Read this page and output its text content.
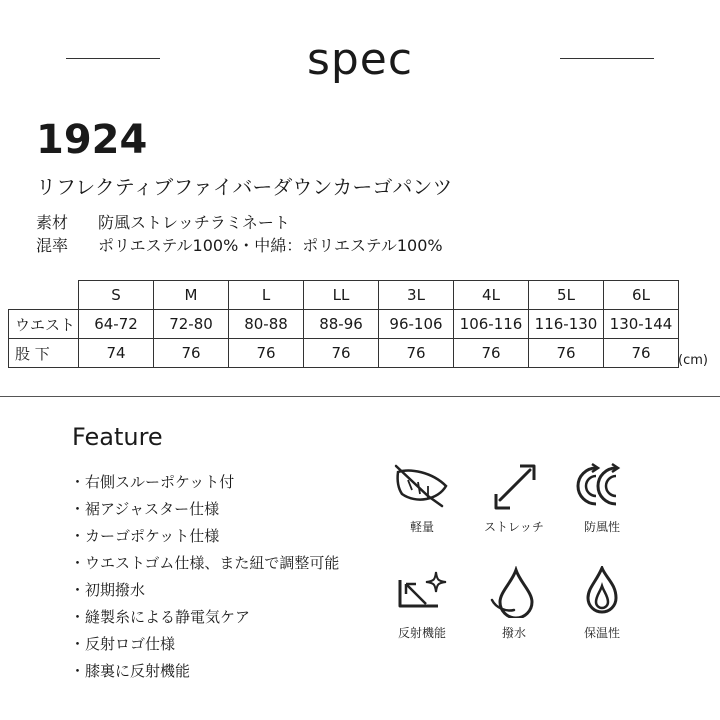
spec
1924
リフレクティブファイバーダウンカーゴパンツ
素材 防風ストレッチラミネート
混率 ポリエステル100%・中綿：ポリエステル100%
	S	M	L	LL	3L	4L	5L	6L
ウエスト	64-72	72-80	80-88	88-96	96-106	106-116	116-130	130-144
股 下	74	76	76	76	76	76	76	76 (cm)
Feature
・右側スルーポケット付
・裾アジャスター仕様
・カーゴポケット仕様
・ウエストゴム仕様、また紐で調整可能
・初期撥水
・縫製糸による静電気ケア
・反射ロゴ仕様
・膝裏に反射機能
軽量	ストレッチ	防風性
反射機能	撥水	保温性
